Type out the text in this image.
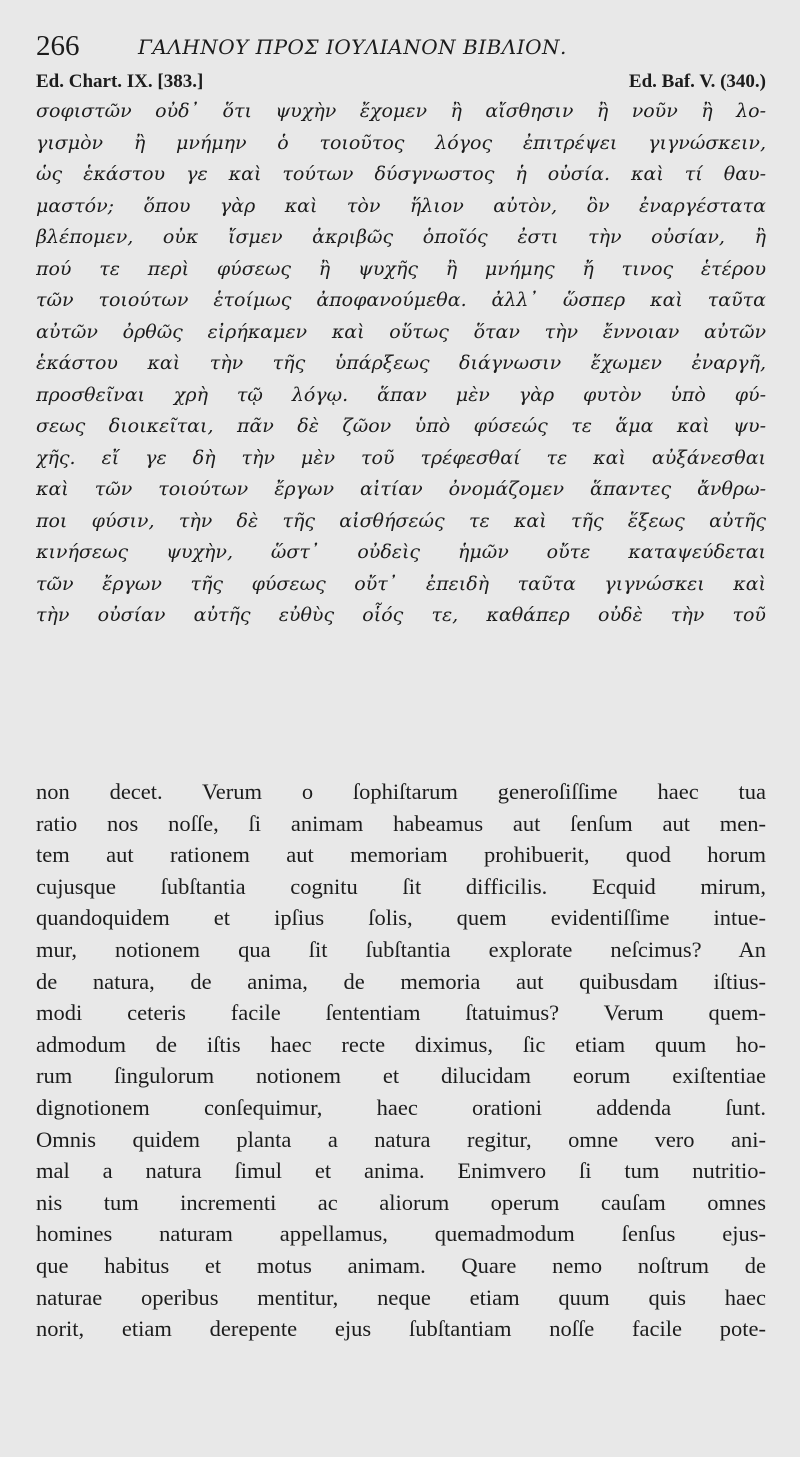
266	ΓΑΛΗΝΟΥ ΠΡΟΣ ΙΟΥΛΙΑΝΟΝ ΒΙΒΛΙΟΝ.
Ed. Chart. IX. [383.]	Ed. Baf. V. (340.)
σοφιστῶν οὐδ᾽ ὅτι ψυχὴν ἔχομεν ἢ αἴσθησιν ἢ νοῦν ἢ λο-
γισμὸν ἢ μνήμην ὁ τοιοῦτος λόγος ἐπιτρέψει γιγνώσκειν,
ὡς ἑκάστου γε καὶ τούτων δύσγνωστος ἡ οὐσία. καὶ τί θαυ-
μαστόν; ὅπου γὰρ καὶ τὸν ἥλιον αὐτὸν, ὃν ἐναργέστατα
βλέπομεν, οὐκ ἴσμεν ἀκριβῶς ὁποῖός ἐστι τὴν οὐσίαν, ἢ
πού τε περὶ φύσεως ἢ ψυχῆς ἢ μνήμης ἤ τινος ἑτέρου
τῶν τοιούτων ἑτοίμως ἀποφανούμεθα. ἀλλ᾽ ὥσπερ καὶ ταῦτα
αὐτῶν ὀρθῶς εἰρήκαμεν καὶ οὕτως ὅταν τὴν ἔννοιαν αὐτῶν
ἑκάστου καὶ τὴν τῆς ὑπάρξεως διάγνωσιν ἔχωμεν ἐναργῆ,
προσθεῖναι χρὴ τῷ λόγῳ. ἅπαν μὲν γὰρ φυτὸν ὑπὸ φύ-
σεως διοικεῖται, πᾶν δὲ ζῶον ὑπὸ φύσεώς τε ἅμα καὶ ψυ-
χῆς. εἴ γε δὴ τὴν μὲν τοῦ τρέφεσθαί τε καὶ αὐξάνεσθαι
καὶ τῶν τοιούτων ἔργων αἰτίαν ὀνομάζομεν ἅπαντες ἄνθρω-
ποι φύσιν, τὴν δὲ τῆς αἰσθήσεώς τε καὶ τῆς ἕξεως αὐτῆς
κινήσεως ψυχὴν, ὥστ᾽ οὐδεὶς ἡμῶν οὔτε καταψεύδεται
τῶν ἔργων τῆς φύσεως οὔτ᾽ ἐπειδὴ ταῦτα γιγνώσκει καὶ
τὴν οὐσίαν αὐτῆς εὐθὺς οἷός τε, καθάπερ οὐδὲ τὴν τοῦ
non decet. Verum o ſophiſtarum generoſiſſime haec tua
ratio nos noſſe, ſi animam habeamus aut ſenſum aut men-
tem aut rationem aut memoriam prohibuerit, quod horum
cujusque ſubſtantia cognitu ſit difficilis. Ecquid mirum,
quandoquidem et ipſius ſolis, quem evidentiſſime intue-
mur, notionem qua ſit ſubſtantia explorate neſcimus? An
de natura, de anima, de memoria aut quibusdam iſtius-
modi ceteris facile ſententiam ſtatuimus? Verum quem-
admodum de iſtis haec recte diximus, ſic etiam quum ho-
rum ſingulorum notionem et dilucidam eorum exiſtentiae
dignotionem conſequimur, haec orationi addenda ſunt.
Omnis quidem planta a natura regitur, omne vero ani-
mal a natura ſimul et anima. Enimvero ſi tum nutritio-
nis tum incrementi ac aliorum operum cauſam omnes
homines naturam appellamus, quemadmodum ſenſus ejus-
que habitus et motus animam. Quare nemo noſtrum de
naturae operibus mentitur, neque etiam quum quis haec
norit, etiam derepente ejus ſubſtantiam noſſe facile pote-
